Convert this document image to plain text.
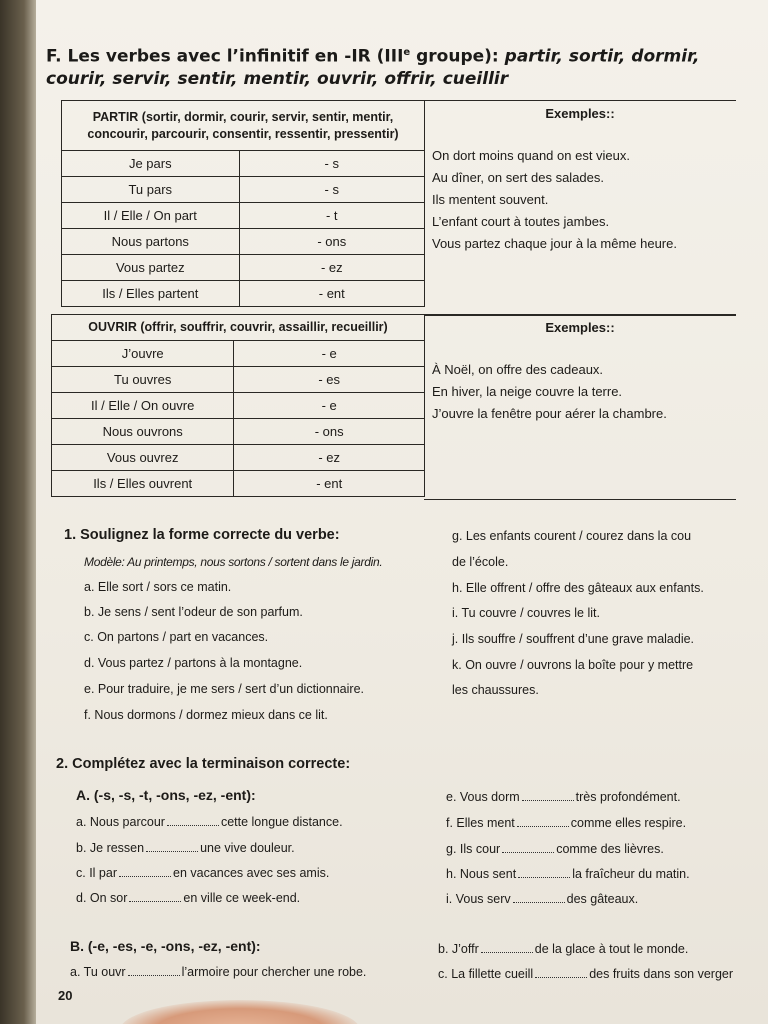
F. Les verbes avec l’infinitif en -IR (IIIe groupe): partir, sortir, dormir, courir, servir, sentir, mentir, ouvrir, offrir, cueillir
PARTIR (sortir, dormir, courir, servir, sentir, mentir, concourir, parcourir, consentir, ressentir, pressentir)	
Je pars	- s
Tu pars	- s
Il / Elle / On part	- t
Nous partons	- ons
Vous partez	- ez
Ils / Elles partent	- ent
Exemples::
On dort moins quand on est vieux.
Au dîner, on sert des salades.
Ils mentent souvent.
L’enfant court à toutes jambes.
Vous partez chaque jour à la même heure.
OUVRIR (offrir, souffrir, couvrir, assaillir, recueillir)	
J’ouvre	- e
Tu ouvres	- es
Il / Elle / On ouvre	- e
Nous ouvrons	- ons
Vous ouvrez	- ez
Ils / Elles ouvrent	- ent
Exemples::
À Noël, on offre des cadeaux.
En hiver, la neige couvre la terre.
J’ouvre la fenêtre pour aérer la chambre.
1. Soulignez la forme correcte du verbe:
Modèle: Au printemps, nous sortons / sortent dans le jardin.
a. Elle sort / sors ce matin.
b. Je sens / sent l’odeur de son parfum.
c. On partons / part en vacances.
d. Vous partez / partons à la montagne.
e. Pour traduire, je me sers / sert d’un dictionnaire.
f. Nous dormons / dormez mieux dans ce lit.
g. Les enfants courent / courez dans la cou
de l’école.
h. Elle offrent / offre des gâteaux aux enfants.
i. Tu couvre / couvres le lit.
j. Ils souffre / souffrent d’une grave maladie.
k. On ouvre / ouvrons la boîte pour y mettre
les chaussures.
2. Complétez avec la terminaison correcte:
A. (-s, -s, -t, -ons, -ez, -ent):
a. Nous parcour	cette longue distance.
b. Je ressen	une vive douleur.
c. Il par	en vacances avec ses amis.
d. On sor	en ville ce week-end.
e. Vous dorm	très profondément.
f. Elles ment	comme elles respire.
g. Ils cour	comme des lièvres.
h. Nous sent	la fraîcheur du matin.
i. Vous serv	des gâteaux.
B. (-e, -es, -e, -ons, -ez, -ent):
a. Tu ouvr	l’armoire pour chercher une robe.
b. J’offr	de la glace à tout le monde.
c. La fillette cueill	des fruits dans son verger
20
